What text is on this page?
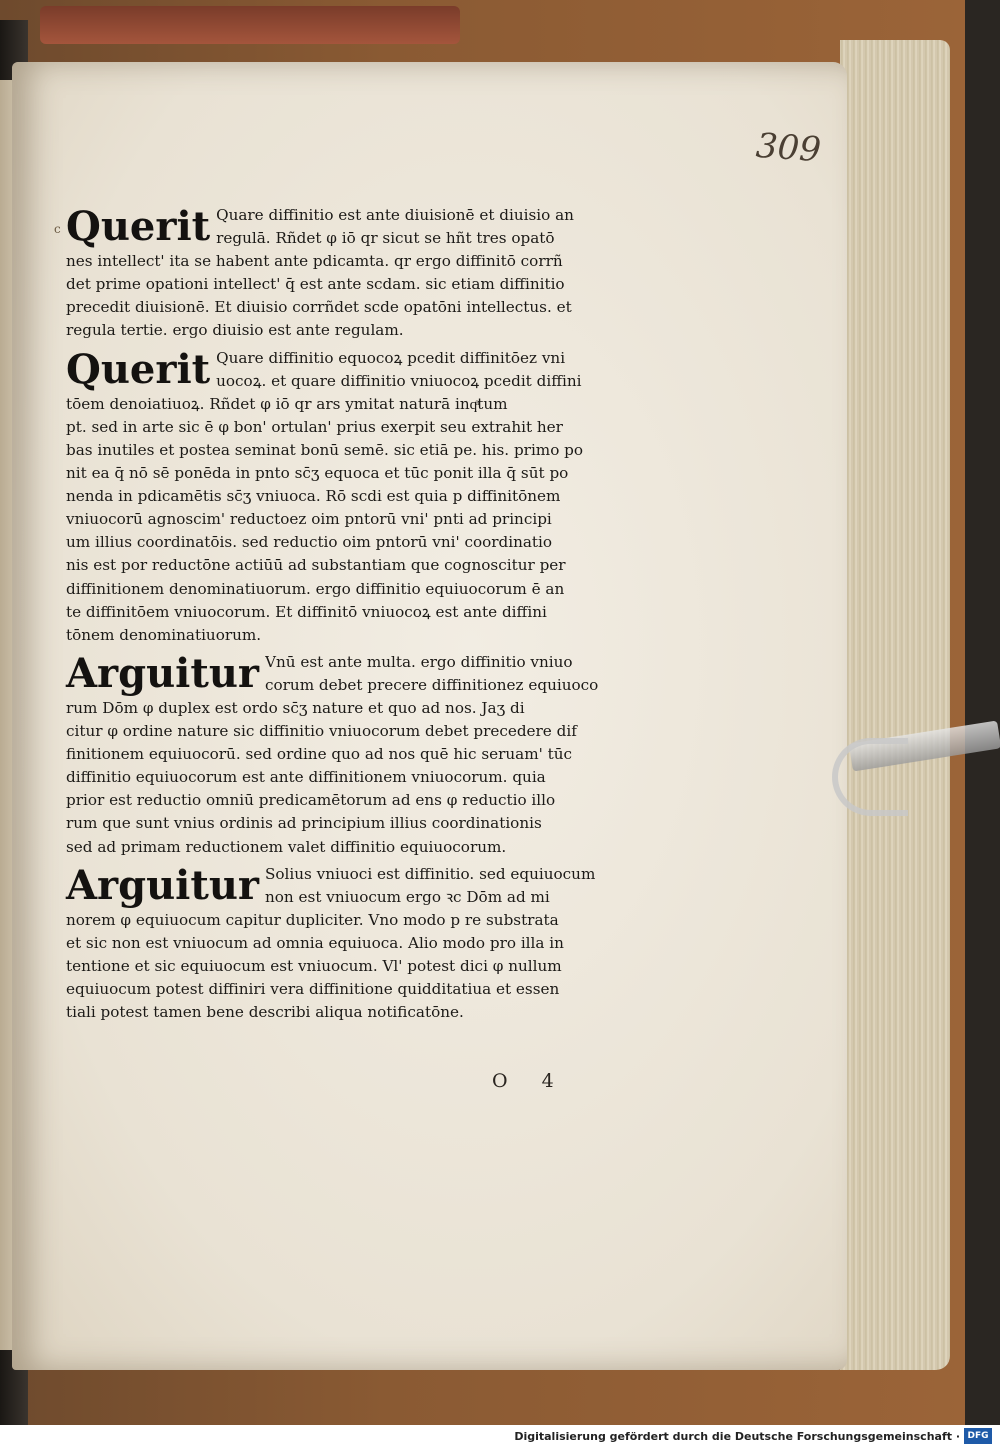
309
c Querit Quare diffinitio est ante diuisionē et diuisio an
regulā. Rñdet φ iō qr sicut se hñt tres opatō
nes intellect' ita se habent ante pdicamta. qr ergo diffinitō corrñ
det prime opationi intellect' q̄ est ante scdam. sic etiam diffinitio
precedit diuisionē. Et diuisio corrñdet scde opatōni intellectus. et
regula tertie. ergo diuisio est ante regulam.
Querit Quare diffinitio equocoꝝ pcedit diffinitōez vni
uocoꝝ. et quare diffinitio vniuocoꝝ pcedit diffini
tōem denoiatiuoꝝ. Rñdet φ iō qr ars ymitat naturā inqͣtum
pt. sed in arte sic ē φ bon' ortulan' prius exerpit seu extrahit her
bas inutiles et postea seminat bonū semē. sic etiā pe. his. primo po
nit ea q̄ nō sē ponēda in pnto sc̄ʒ equoca et tūc ponit illa q̄ sūt po
nenda in pdicamētis sc̄ʒ vniuoca. Rō scdi est quia p diffinitōnem
vniuocorū agnoscim' reductoez oim pntorū vni' pnti ad principi
um illius coordinatōis. sed reductio oim pntorū vni' coordinatio
nis est por reductōne actiūū ad substantiam que cognoscitur per
diffinitionem denominatiuorum. ergo diffinitio equiuocorum ē an
te diffinitōem vniuocorum. Et diffinitō vniuocoꝝ est ante diffini
tōnem denominatiuorum.
Arguitur Vnū est ante multa. ergo diffinitio vniuo
corum debet precere diffinitionez equiuoco
rum Dōm φ duplex est ordo sc̄ʒ nature et quo ad nos. Jaʒ di
citur φ ordine nature sic diffinitio vniuocorum debet precedere dif
finitionem equiuocorū. sed ordine quo ad nos quē hic seruam' tūc
diffinitio equiuocorum est ante diffinitionem vniuocorum. quia
prior est reductio omniū predicamētorum ad ens φ reductio illo
rum que sunt vnius ordinis ad principium illius coordinationis
sed ad primam reductionem valet diffinitio equiuocorum.
Arguitur Solius vniuoci est diffinitio. sed equiuocum
non est vniuocum ergo ꝛc Dōm ad mi
norem φ equiuocum capitur dupliciter. Vno modo p re substrata
et sic non est vniuocum ad omnia equiuoca. Alio modo pro illa in
tentione et sic equiuocum est vniuocum. Vl' potest dici φ nullum
equiuocum potest diffiniri vera diffinitione quidditatiua et essen
tiali potest tamen bene describi aliqua notificatōne.
O 4
Digitalisierung gefördert durch die Deutsche Forschungsgemeinschaft · DFG
